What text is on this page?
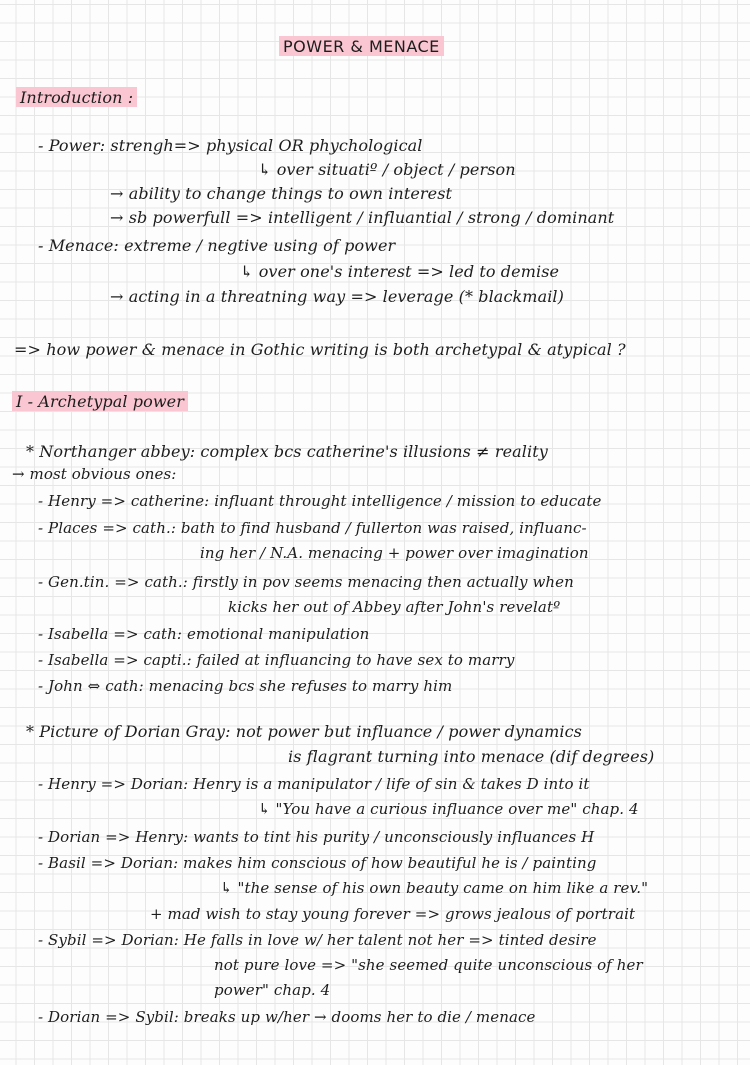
POWER & MENACE
Introduction :
- Power: strengh=> physical OR phychological
↳ over situatiº / object / person
→ ability to change things to own interest
→ sb powerfull => intelligent / influantial / strong / dominant
- Menace: extreme / negtive using of power
↳ over one's interest => led to demise
→ acting in a threatning way => leverage (* blackmail)
=> how power & menace in Gothic writing is both archetypal & atypical ?
I - Archetypal power
* Northanger abbey: complex bcs catherine's illusions ≠ reality
→ most obvious ones:
- Henry => catherine: influant throught intelligence / mission to educate
- Places => cath.: bath to find husband / fullerton was raised, influanc-
ing her / N.A. menacing + power over imagination
- Gen.tin. => cath.: firstly in pov seems menacing then actually when
kicks her out of Abbey after John's revelatº
- Isabella => cath: emotional manipulation
- Isabella => capti.: failed at influancing to have sex to marry
- John ⇔ cath: menacing bcs she refuses to marry him
* Picture of Dorian Gray: not power but influance / power dynamics
is flagrant turning into menace (dif degrees)
- Henry => Dorian: Henry is a manipulator / life of sin & takes D into it
↳ "You have a curious influance over me" chap. 4
- Dorian => Henry: wants to tint his purity / unconsciously influances H
- Basil => Dorian: makes him conscious of how beautiful he is / painting
↳ "the sense of his own beauty came on him like a rev."
+ mad wish to stay young forever => grows jealous of portrait
- Sybil => Dorian: He falls in love w/ her talent not her => tinted desire
not pure love => "she seemed quite unconscious of her
power" chap. 4
- Dorian => Sybil: breaks up w/her → dooms her to die / menace
